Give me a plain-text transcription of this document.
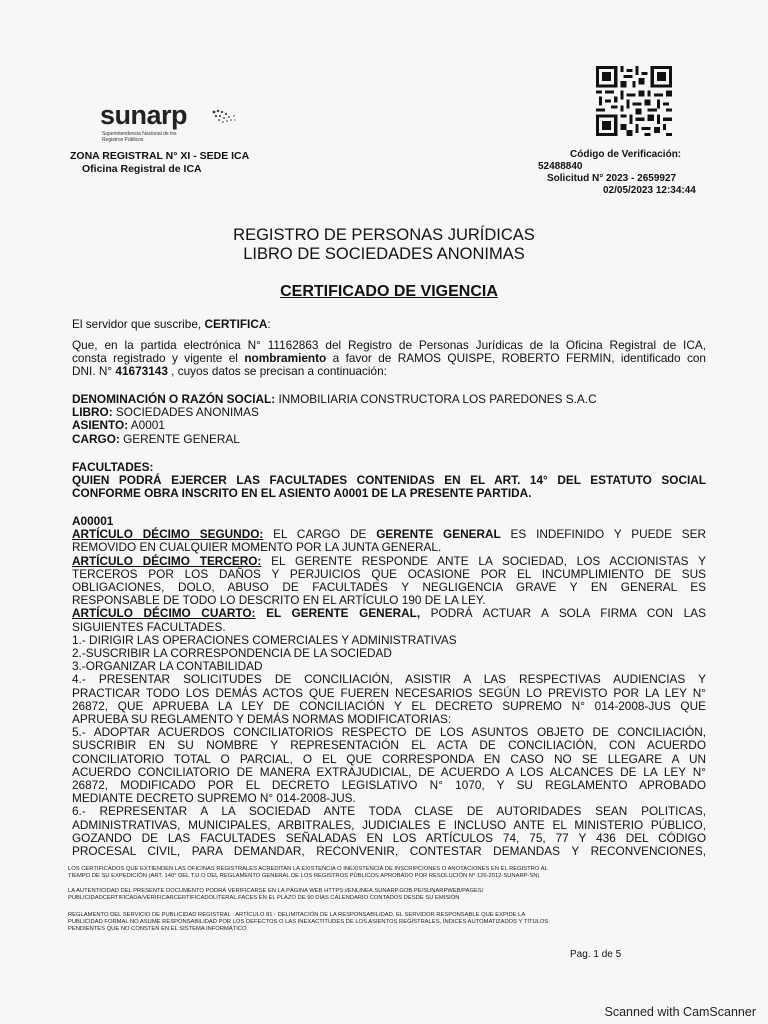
sunarp
Superintendencia Nacional de los Registros Públicos
ZONA REGISTRAL N° XI - SEDE ICA
Oficina Registral de ICA
Código de Verificación:
52488840
Solicitud N° 2023 - 2659927
02/05/2023 12:34:44
REGISTRO DE PERSONAS JURÍDICAS
LIBRO DE SOCIEDADES ANONIMAS
CERTIFICADO DE VIGENCIA
El servidor que suscribe, CERTIFICA:
Que, en la partida electrónica N° 11162863 del Registro de Personas Jurídicas de la Oficina Registral de ICA,
consta registrado y vigente el nombramiento a favor de RAMOS QUISPE, ROBERTO FERMIN, identificado con
DNI. N° 41673143 , cuyos datos se precisan a continuación:
DENOMINACIÓN O RAZÓN SOCIAL: INMOBILIARIA CONSTRUCTORA LOS PAREDONES S.A.C
LIBRO: SOCIEDADES ANONIMAS
ASIENTO: A0001
CARGO: GERENTE GENERAL
FACULTADES:
QUIEN PODRÁ EJERCER LAS FACULTADES CONTENIDAS EN EL ART. 14° DEL ESTATUTO SOCIAL
CONFORME OBRA INSCRITO EN EL ASIENTO A0001 DE LA PRESENTE PARTIDA.
A00001
ARTÍCULO DÉCIMO SEGUNDO: EL CARGO DE GERENTE GENERAL ES INDEFINIDO Y PUEDE SER
REMOVIDO EN CUALQUIER MOMENTO POR LA JUNTA GENERAL.
ARTÍCULO DÉCIMO TERCERO: EL GERENTE RESPONDE ANTE LA SOCIEDAD, LOS ACCIONISTAS Y
TERCEROS POR LOS DAÑOS Y PERJUICIOS QUE OCASIONE POR EL INCUMPLIMIENTO DE SUS
OBLIGACIONES, DOLO, ABUSO DE FACULTADES Y NEGLIGENCIA GRAVE Y EN GENERAL ES
RESPONSABLE DE TODO LO DESCRITO EN EL ARTÍCULO 190 DE LA LEY.
ARTÍCULO DÉCIMO CUARTO: EL GERENTE GENERAL, PODRÁ ACTUAR A SOLA FIRMA CON LAS
SIGUIENTES FACULTADES.
1.- DIRIGIR LAS OPERACIONES COMERCIALES Y ADMINISTRATIVAS
2.-SUSCRIBIR LA CORRESPONDENCIA DE LA SOCIEDAD
3.-ORGANIZAR LA CONTABILIDAD
4.- PRESENTAR SOLICITUDES DE CONCILIACIÓN, ASISTIR A LAS RESPECTIVAS AUDIENCIAS Y
PRACTICAR TODO LOS DEMÁS ACTOS QUE FUEREN NECESARIOS SEGÚN LO PREVISTO POR LA LEY N°
26872, QUE APRUEBA LA LEY DE CONCILIACIÓN Y EL DECRETO SUPREMO N° 014-2008-JUS QUE
APRUEBA SU REGLAMENTO Y DEMÁS NORMAS MODIFICATORIAS:
5.- ADOPTAR ACUERDOS CONCILIATORIOS RESPECTO DE LOS ASUNTOS OBJETO DE CONCILIACIÓN,
SUSCRIBIR EN SU NOMBRE Y REPRESENTACIÓN EL ACTA DE CONCILIACIÓN, CON ACUERDO
CONCILIATORIO TOTAL O PARCIAL, O EL QUE CORRESPONDA EN CASO NO SE LLEGARE A UN
ACUERDO CONCILIATORIO DE MANERA EXTRAJUDICIAL, DE ACUERDO A LOS ALCANCES DE LA LEY N°
26872, MODIFICADO POR EL DECRETO LEGISLATIVO N° 1070, Y SU REGLAMENTO APROBADO
MEDIANTE DECRETO SUPREMO N° 014-2008-JUS.
6.- REPRESENTAR A LA SOCIEDAD ANTE TODA CLASE DE AUTORIDADES SEAN POLITICAS,
ADMINISTRATIVAS, MUNICIPALES, ARBITRALES, JUDICIALES E INCLUSO ANTE EL MINISTERIO PÚBLICO,
GOZANDO DE LAS FACULTADES SEÑALADAS EN LOS ARTÍCULOS 74, 75, 77 Y 436 DEL CÓDIGO
PROCESAL CIVIL, PARA DEMANDAR, RECONVENIR, CONTESTAR DEMANDAS Y RECONVENCIONES,
LOS CERTIFICADOS QUE EXTIENDEN LAS OFICINAS REGISTRALES ACREDITAN LA EXISTENCIA O INEXISTENCIA DE INSCRIPCIONES O ANOTACIONES EN EL REGISTRO AL
TIEMPO DE SU EXPEDICIÓN (ART. 140° DEL T.U.O DEL REGLAMENTO GENERAL DE LOS REGISTROS PÚBLICOS APROBADO POR RESOLUCIÓN N° 126-2012-SUNARP-SN)
LA AUTENTICIDAD DEL PRESENTE DOCUMENTO PODRÁ VERIFICARSE EN LA PÁGINA WEB HTTPS://ENLINEA.SUNARP.GOB.PE/SUNARPWEB/PAGES/
PUBLICIDADCERTIFICADA/VERIFICARCERTIFICADOLITERAL.FACES EN EL PLAZO DE 90 DÍAS CALENDARIO CONTADOS DESDE SU EMISIÓN
REGLAMENTO DEL SERVICIO DE PUBLICIDAD REGISTRAL : ARTÍCULO 81 - DELIMITACIÓN DE LA RESPONSABILIDAD. EL SERVIDOR RESPONSABLE QUE EXPIDE LA
PUBLICIDAD FORMAL NO ASUME RESPONSABILIDAD POR LOS DEFECTOS O LAS INEXACTITUDES DE LOS ASIENTOS REGISTRALES, ÍNDICES AUTOMATIZADOS Y TÍTULOS
PENDIENTES QUE NO CONSTEN EN EL SISTEMA INFORMÁTICO
Pag. 1 de 5
Scanned with CamScanner
